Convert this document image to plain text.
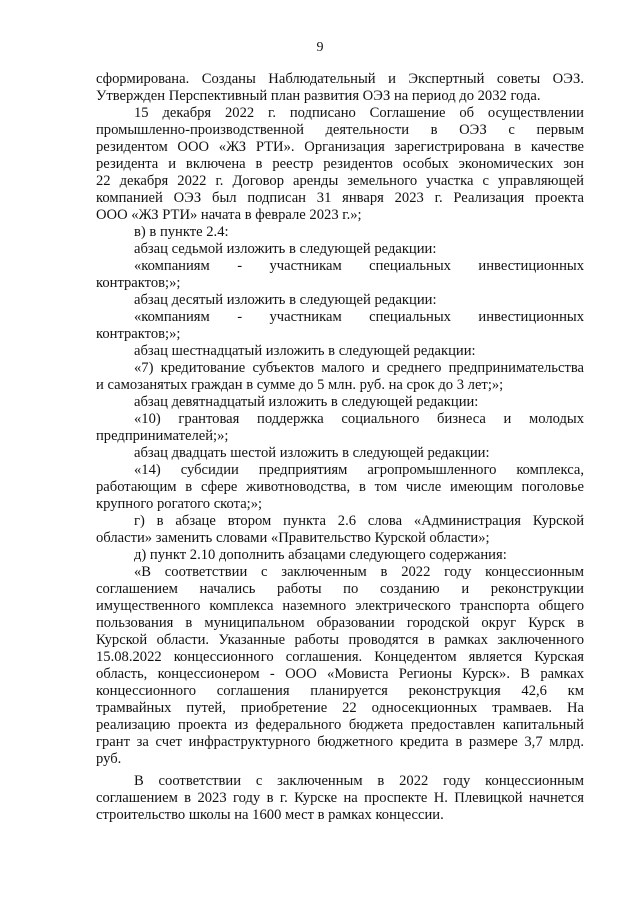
9
сформирована. Созданы Наблюдательный и Экспертный советы ОЭЗ.
Утвержден Перспективный план развития ОЭЗ на период до 2032 года.
15 декабря 2022 г. подписано Соглашение об осуществлении
промышленно-производственной деятельности в ОЭЗ с первым
резидентом ООО «ЖЗ РТИ». Организация зарегистрирована в качестве
резидента и включена в реестр резидентов особых экономических зон
22 декабря 2022 г. Договор аренды земельного участка с управляющей
компанией ОЭЗ был подписан 31 января 2023 г. Реализация проекта
ООО «ЖЗ РТИ» начата в феврале 2023 г.»;
в) в пункте 2.4:
абзац седьмой изложить в следующей редакции:
«компаниям - участникам специальных инвестиционных
контрактов;»;
абзац десятый изложить в следующей редакции:
«компаниям - участникам специальных инвестиционных
контрактов;»;
абзац шестнадцатый изложить в следующей редакции:
«7) кредитование субъектов малого и среднего предпринимательства
и самозанятых граждан в сумме до 5 млн. руб. на срок до 3 лет;»;
абзац девятнадцатый изложить в следующей редакции:
«10) грантовая поддержка социального бизнеса и молодых
предпринимателей;»;
абзац двадцать шестой изложить в следующей редакции:
«14) субсидии предприятиям агропромышленного комплекса,
работающим в сфере животноводства, в том числе имеющим поголовье
крупного рогатого скота;»;
г) в абзаце втором пункта 2.6 слова «Администрация Курской
области» заменить словами «Правительство Курской области»;
д) пункт 2.10 дополнить абзацами следующего содержания:
«В соответствии с заключенным в 2022 году концессионным
соглашением начались работы по созданию и реконструкции
имущественного комплекса наземного электрического транспорта общего
пользования в муниципальном образовании городской округ Курск в
Курской области. Указанные работы проводятся в рамках заключенного
15.08.2022 концессионного соглашения. Концедентом является Курская
область, концессионером - ООО «Мовиста Регионы Курск». В рамках
концессионного соглашения планируется реконструкция 42,6 км
трамвайных путей, приобретение 22 односекционных трамваев. На
реализацию проекта из федерального бюджета предоставлен капитальный
грант за счет инфраструктурного бюджетного кредита в размере 3,7 млрд.
руб.
В соответствии с заключенным в 2022 году концессионным
соглашением в 2023 году в г. Курске на проспекте Н. Плевицкой начнется
строительство школы на 1600 мест в рамках концессии.
